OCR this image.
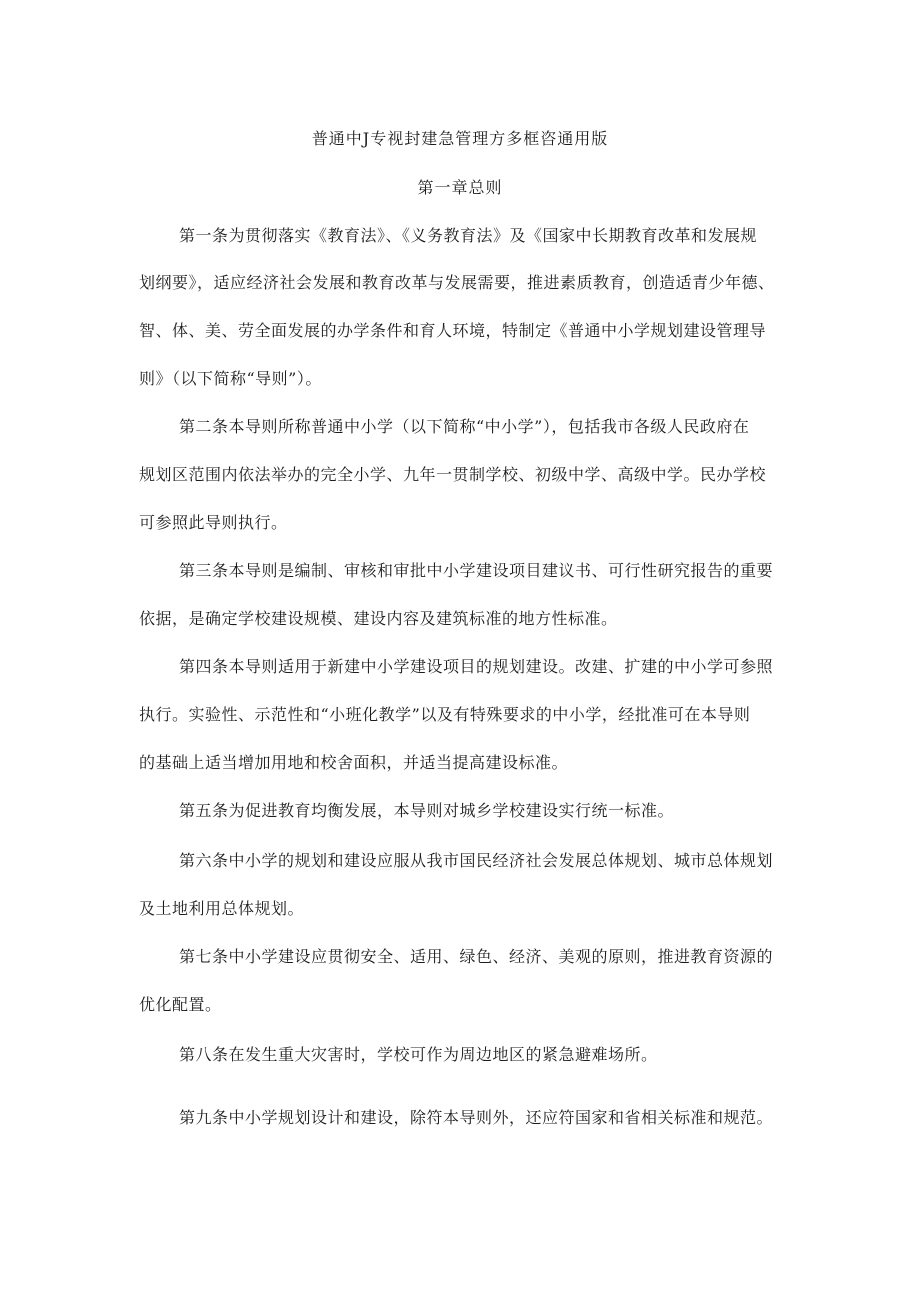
普通中J专视封建急管理方多框咨通用版
第一章总则
第一条为贯彻落实《教育法》、《义务教育法》及《国家中长期教育改革和发展规
划纲要》，适应经济社会发展和教育改革与发展需要，推进素质教育，创造适青少年德、
智、体、美、劳全面发展的办学条件和育人环境，特制定《普通中小学规划建设管理导
则》（以下简称“导则”）。
第二条本导则所称普通中小学（以下简称“中小学”），包括我市各级人民政府在
规划区范围内依法举办的完全小学、九年一贯制学校、初级中学、高级中学。民办学校
可参照此导则执行。
第三条本导则是编制、审核和审批中小学建设项目建议书、可行性研究报告的重要
依据，是确定学校建设规模、建设内容及建筑标准的地方性标准。
第四条本导则适用于新建中小学建设项目的规划建设。改建、扩建的中小学可参照
执行。实验性、示范性和“小班化教学”以及有特殊要求的中小学，经批准可在本导则
的基础上适当增加用地和校舍面积，并适当提高建设标准。
第五条为促进教育均衡发展，本导则对城乡学校建设实行统一标准。
第六条中小学的规划和建设应服从我市国民经济社会发展总体规划、城市总体规划
及土地利用总体规划。
第七条中小学建设应贯彻安全、适用、绿色、经济、美观的原则，推进教育资源的
优化配置。
第八条在发生重大灾害时，学校可作为周边地区的紧急避难场所。
第九条中小学规划设计和建设，除符本导则外，还应符国家和省相关标准和规范。
